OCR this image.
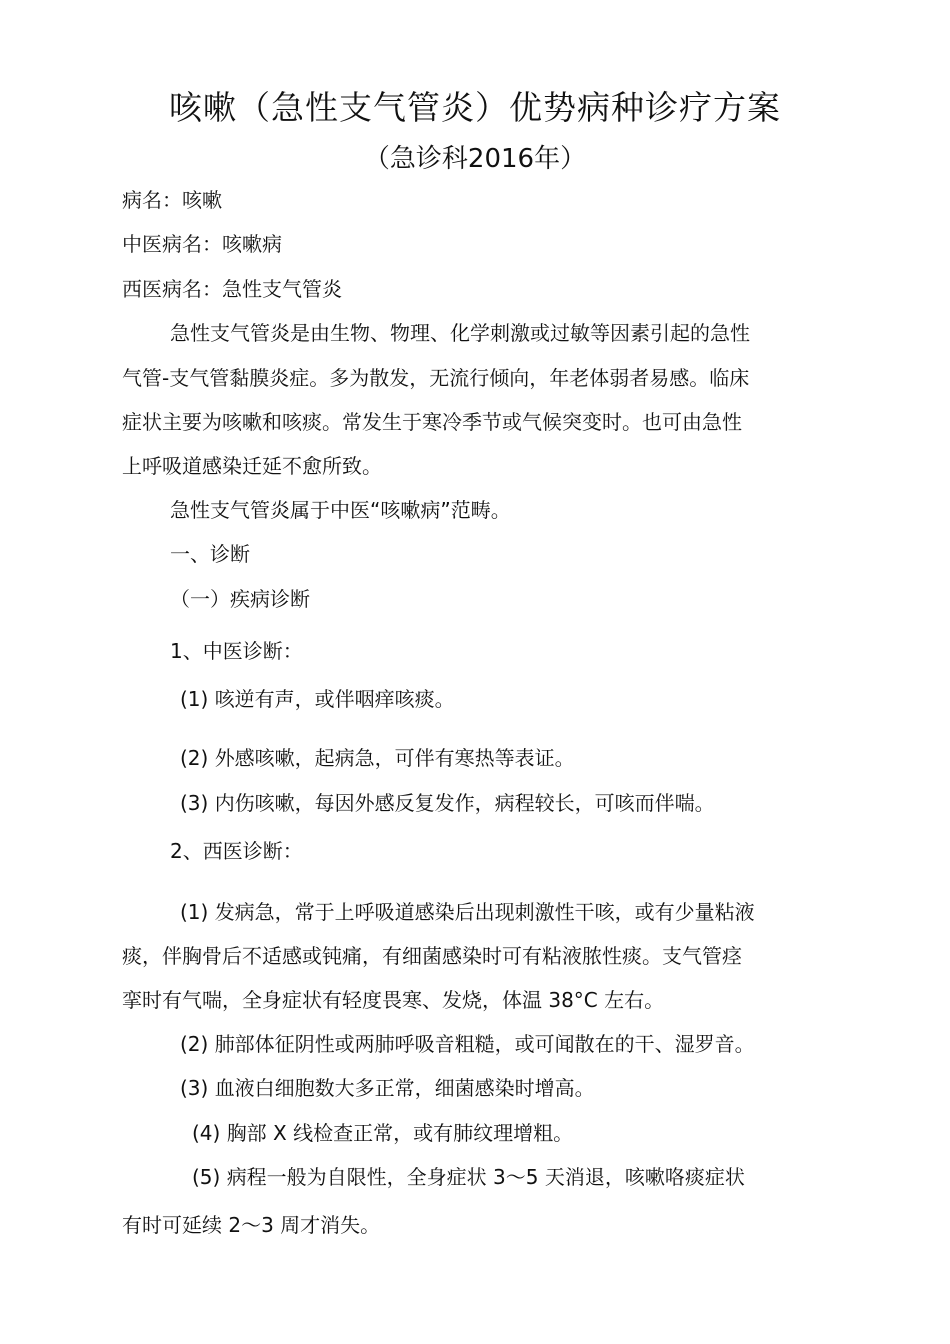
咳嗽（急性支气管炎）优势病种诊疗方案
（急诊科2016年）
病名：咳嗽
中医病名：咳嗽病
西医病名：急性支气管炎
急性支气管炎是由生物、物理、化学刺激或过敏等因素引起的急性
气管-支气管黏膜炎症。多为散发，无流行倾向，年老体弱者易感。临床
症状主要为咳嗽和咳痰。常发生于寒冷季节或气候突变时。也可由急性
上呼吸道感染迁延不愈所致。
急性支气管炎属于中医“咳嗽病”范畴。
一、诊断
（一）疾病诊断
1、中医诊断：
(1) 咳逆有声，或伴咽痒咳痰。
(2) 外感咳嗽，起病急，可伴有寒热等表证。
(3) 内伤咳嗽，每因外感反复发作，病程较长，可咳而伴喘。
2、西医诊断：
(1) 发病急，常于上呼吸道感染后出现刺激性干咳，或有少量粘液
痰，伴胸骨后不适感或钝痛，有细菌感染时可有粘液脓性痰。支气管痉
挛时有气喘，全身症状有轻度畏寒、发烧，体温 38°C 左右。
(2) 肺部体征阴性或两肺呼吸音粗糙，或可闻散在的干、湿罗音。
(3) 血液白细胞数大多正常，细菌感染时增高。
(4) 胸部 X 线检查正常，或有肺纹理增粗。
(5) 病程一般为自限性，全身症状 3～5 天消退，咳嗽咯痰症状
有时可延续 2～3 周才消失。
